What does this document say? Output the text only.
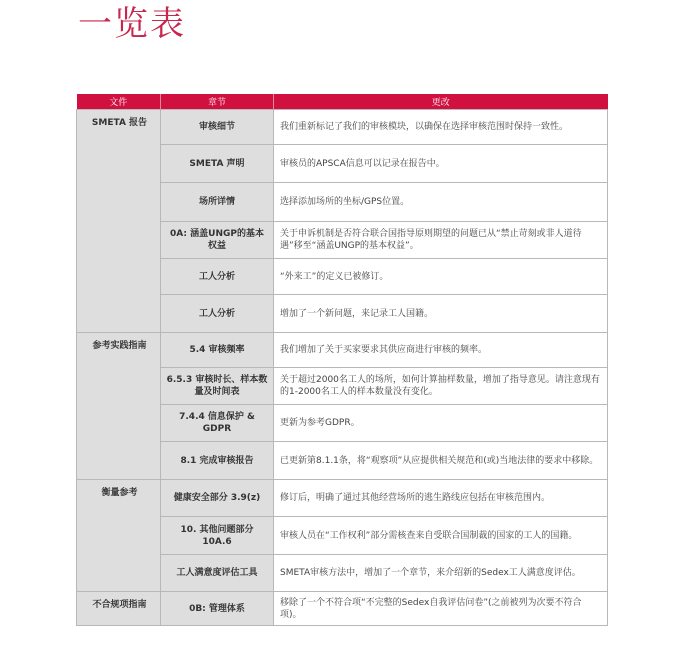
一览表
文件	章节	更改
SMETA 报告	审核细节	我们重新标记了我们的审核模块，以确保在选择审核范围时保持一致性。
	SMETA 声明	审核员的APSCA信息可以记录在报告中。
	场所详情	选择添加场所的坐标/GPS位置。
	0A: 涵盖UNGP的基本权益	关于申诉机制是否符合联合国指导原则期望的问题已从“禁止苛刻或非人道待遇”移至“涵盖UNGP的基本权益”。
	工人分析	“外来工”的定义已被修订。
	工人分析	增加了一个新问题，来记录工人国籍。
参考实践指南	5.4 审核频率	我们增加了关于买家要求其供应商进行审核的频率。
	6.5.3 审核时长、样本数量及时间表	关于超过2000名工人的场所，如何计算抽样数量，增加了指导意见。请注意现有的1-2000名工人的样本数量没有变化。
	7.4.4 信息保护 & GDPR	更新为参考GDPR。
	8.1 完成审核报告	已更新第8.1.1条，将“观察项”从应提供相关规范和(或)当地法律的要求中移除。
衡量参考	健康安全部分 3.9(z)	修订后，明确了通过其他经营场所的逃生路线应包括在审核范围内。
	10. 其他问题部分 10A.6	审核人员在“工作权利”部分需核查来自受联合国制裁的国家的工人的国籍。
	工人满意度评估工具	SMETA审核方法中，增加了一个章节，来介绍新的Sedex工人满意度评估。
不合规项指南	0B: 管理体系	移除了一个不符合项“不完整的Sedex自我评估问卷”(之前被列为次要不符合项)。
